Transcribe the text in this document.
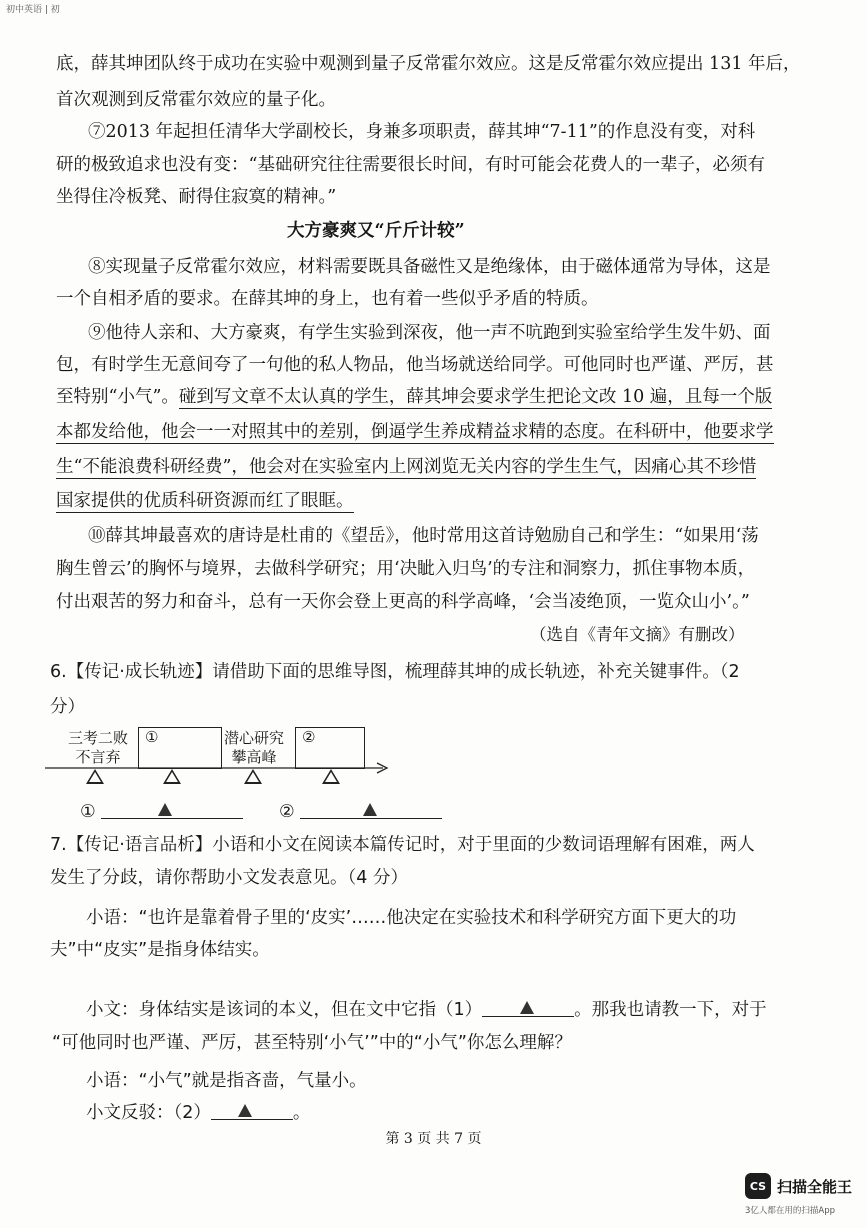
初中英语 | 初
底，薛其坤团队终于成功在实验中观测到量子反常霍尔效应。这是反常霍尔效应提出 131 年后，
首次观测到反常霍尔效应的量子化。
⑦2013 年起担任清华大学副校长，身兼多项职责，薛其坤“7-11”的作息没有变，对科
研的极致追求也没有变：“基础研究往往需要很长时间，有时可能会花费人的一辈子，必须有
坐得住冷板凳、耐得住寂寞的精神。”
大方豪爽又“斤斤计较”
⑧实现量子反常霍尔效应，材料需要既具备磁性又是绝缘体，由于磁体通常为导体，这是
一个自相矛盾的要求。在薛其坤的身上，也有着一些似乎矛盾的特质。
⑨他待人亲和、大方豪爽，有学生实验到深夜，他一声不吭跑到实验室给学生发牛奶、面
包，有时学生无意间夸了一句他的私人物品，他当场就送给同学。可他同时也严谨、严厉，甚
至特别“小气”。碰到写文章不太认真的学生，薛其坤会要求学生把论文改 10 遍，且每一个版
本都发给他，他会一一对照其中的差别，倒逼学生养成精益求精的态度。在科研中，他要求学
生“不能浪费科研经费”，他会对在实验室内上网浏览无关内容的学生生气，因痛心其不珍惜
国家提供的优质科研资源而红了眼眶。
⑩薛其坤最喜欢的唐诗是杜甫的《望岳》，他时常用这首诗勉励自己和学生：“如果用‘荡
胸生曾云’的胸怀与境界，去做科学研究；用‘决眦入归鸟’的专注和洞察力，抓住事物本质，
付出艰苦的努力和奋斗，总有一天你会登上更高的科学高峰，‘会当凌绝顶，一览众山小’。”
（选自《青年文摘》有删改）
6.【传记·成长轨迹】请借助下面的思维导图，梳理薛其坤的成长轨迹，补充关键事件。（2
分）
三考二败
不言弃
①	潜心研究
攀高峰
②
①	②
7.【传记·语言品析】小语和小文在阅读本篇传记时，对于里面的少数词语理解有困难，两人
发生了分歧，请你帮助小文发表意见。（4 分）
小语：“也许是靠着骨子里的‘皮实’……他决定在实验技术和科学研究方面下更大的功
夫”中“皮实”是指身体结实。
小文：身体结实是该词的本义，但在文中它指（1）	。那我也请教一下，对于
“可他同时也严谨、严厉，甚至特别‘小气’”中的“小气”你怎么理解？
小语：“小气”就是指吝啬，气量小。
小文反驳：（2）	。
第 3 页 共 7 页
CS 扫描全能王
3亿人都在用的扫描App
